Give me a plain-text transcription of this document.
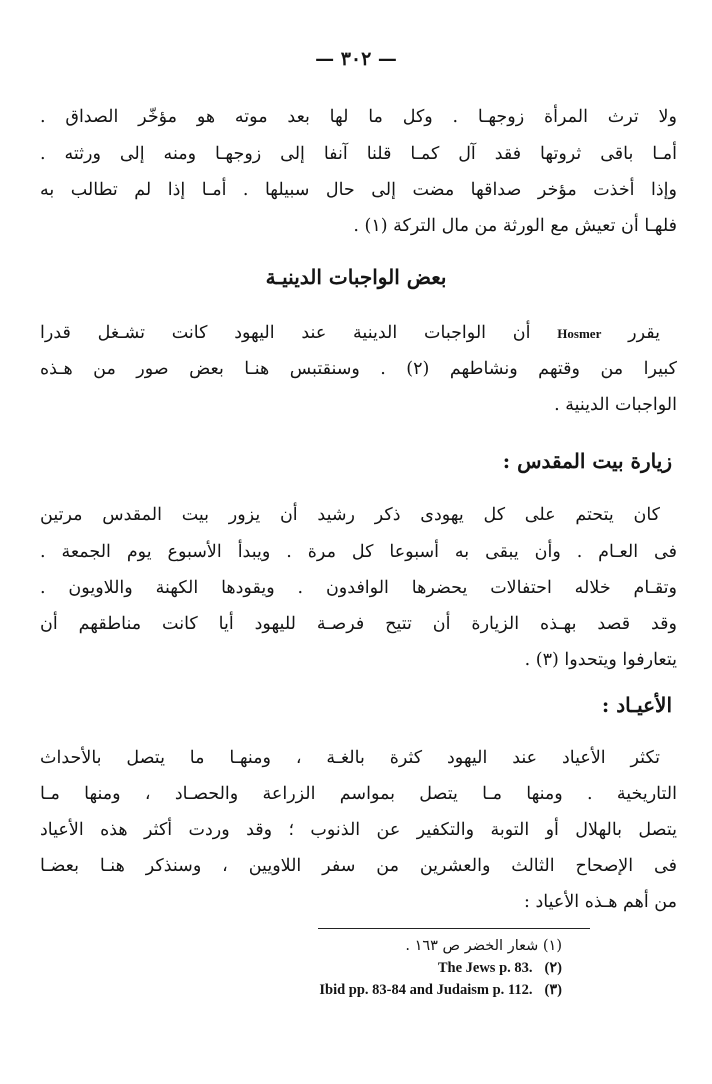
— ٣٠٢ —
ولا ترث المرأة زوجهـا . وكل ما لها بعد موته هو مؤخّر الصداق .
أمـا باقى ثروتها فقد آل كمـا قلنا آنفا إلى زوجهـا ومنه إلى ورثته .
وإذا أخذت مؤخر صداقها مضت إلى حال سبيلها . أمـا إذا لم تطالب به
فلهـا أن تعيش مع الورثة من مال التركة (١) .
بعض الواجبات الدينيـة
يقرر Hosmer أن الواجبات الدينية عند اليهود كانت تشـغل قدرا
كبيرا من وقتهم ونشاطهم (٢) . وسنقتبس هنـا بعض صور من هـذه
الواجبات الدينية .
زيارة بيت المقدس :
كان يتحتم على كل يهودى ذكر رشيد أن يزور بيت المقدس مرتين
فى العـام . وأن يبقى به أسبوعا كل مرة . ويبدأ الأسبوع يوم الجمعة .
وتقـام خلاله احتفالات يحضرها الوافدون . ويقودها الكهنة واللاويون .
وقد قصد بهـذه الزيارة أن تتيح فرصـة لليهود أيا كانت مناطقهم أن
يتعارفوا ويتحدوا (٣) .
الأعيـاد :
تكثر الأعياد عند اليهود كثرة بالغـة ، ومنهـا ما يتصل بالأحداث
التاريخية . ومنها مـا يتصل بمواسم الزراعة والحصـاد ، ومنها مـا
يتصل بالهلال أو التوبة والتكفير عن الذنوب ؛ وقد وردت أكثر هذه الأعياد
فى الإصحاح الثالث والعشرين من سفر اللاويين ، وسنذكر هنـا بعضـا
من أهم هـذه الأعياد :
(١) شعار الخضر ص ١٦٣ .
The Jews p. 83. (٢)
Ibid pp. 83-84 and Judaism p. 112. (٣)
